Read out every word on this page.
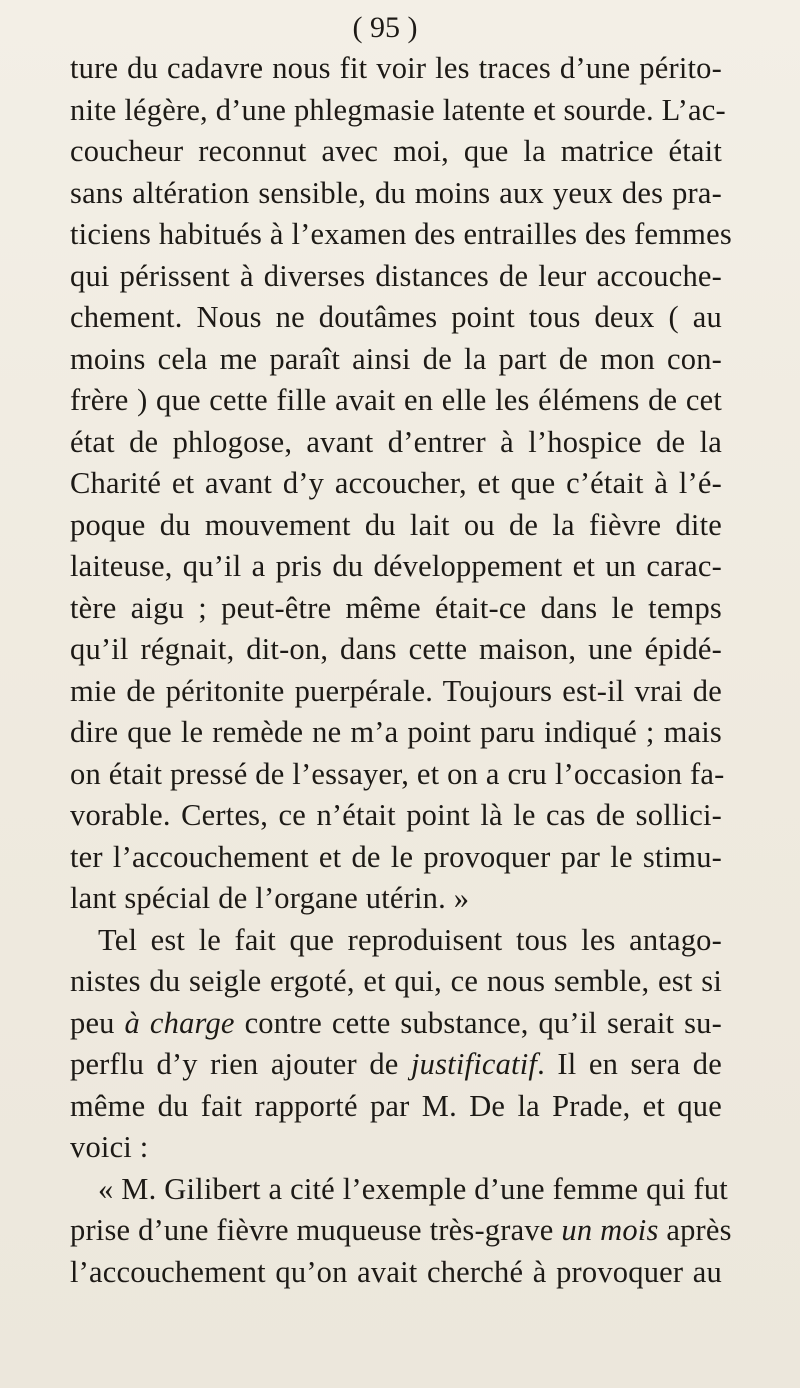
( 95 )
ture du cadavre nous fit voir les traces d’une périto-
nite légère, d’une phlegmasie latente et sourde. L’ac-
coucheur reconnut avec moi, que la matrice était
sans altération sensible, du moins aux yeux des pra-
ticiens habitués à l’examen des entrailles des femmes
qui périssent à diverses distances de leur accouche-
chement. Nous ne doutâmes point tous deux ( au
moins cela me paraît ainsi de la part de mon con-
frère ) que cette fille avait en elle les élémens de cet
état de phlogose, avant d’entrer à l’hospice de la
Charité et avant d’y accoucher, et que c’était à l’é-
poque du mouvement du lait ou de la fièvre dite
laiteuse, qu’il a pris du développement et un carac-
tère aigu ; peut-être même était-ce dans le temps
qu’il régnait, dit-on, dans cette maison, une épidé-
mie de péritonite puerpérale. Toujours est-il vrai de
dire que le remède ne m’a point paru indiqué ; mais
on était pressé de l’essayer, et on a cru l’occasion fa-
vorable. Certes, ce n’était point là le cas de sollici-
ter l’accouchement et de le provoquer par le stimu-
lant spécial de l’organe utérin. »
Tel est le fait que reproduisent tous les antago-
nistes du seigle ergoté, et qui, ce nous semble, est si
peu à charge contre cette substance, qu’il serait su-
perflu d’y rien ajouter de justificatif. Il en sera de
même du fait rapporté par M. De la Prade, et que
voici :
« M. Gilibert a cité l’exemple d’une femme qui fut
prise d’une fièvre muqueuse très-grave un mois après
l’accouchement qu’on avait cherché à provoquer au
